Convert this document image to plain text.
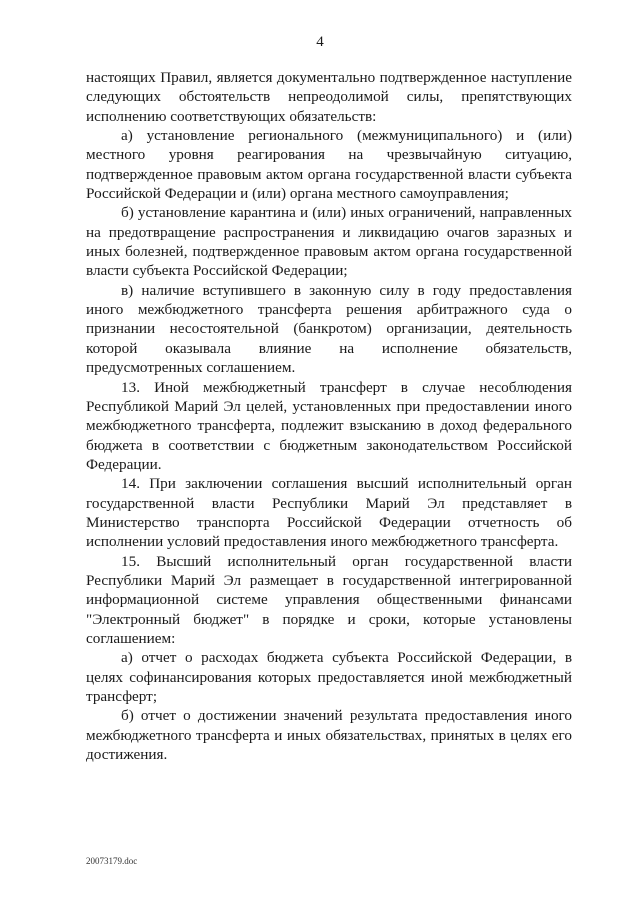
4

настоящих Правил, является документально подтвержденное наступление следующих обстоятельств непреодолимой силы, препятствующих исполнению соответствующих обязательств:

а) установление регионального (межмуниципального) и (или) местного уровня реагирования на чрезвычайную ситуацию, подтвержденное правовым актом органа государственной власти субъекта Российской Федерации и (или) органа местного самоуправления;

б) установление карантина и (или) иных ограничений, направленных на предотвращение распространения и ликвидацию очагов заразных и иных болезней, подтвержденное правовым актом органа государственной власти субъекта Российской Федерации;

в) наличие вступившего в законную силу в году предоставления иного межбюджетного трансферта решения арбитражного суда о признании несостоятельной (банкротом) организации, деятельность которой оказывала влияние на исполнение обязательств, предусмотренных соглашением.

13. Иной межбюджетный трансферт в случае несоблюдения Республикой Марий Эл целей, установленных при предоставлении иного межбюджетного трансферта, подлежит взысканию в доход федерального бюджета в соответствии с бюджетным законодательством Российской Федерации.

14. При заключении соглашения высший исполнительный орган государственной власти Республики Марий Эл представляет в Министерство транспорта Российской Федерации отчетность об исполнении условий предоставления иного межбюджетного трансферта.

15. Высший исполнительный орган государственной власти Республики Марий Эл размещает в государственной интегрированной информационной системе управления общественными финансами "Электронный бюджет" в порядке и сроки, которые установлены соглашением:

а) отчет о расходах бюджета субъекта Российской Федерации, в целях софинансирования которых предоставляется иной межбюджетный трансферт;

б) отчет о достижении значений результата предоставления иного межбюджетного трансферта и иных обязательствах, принятых в целях его достижения.

20073179.doc
